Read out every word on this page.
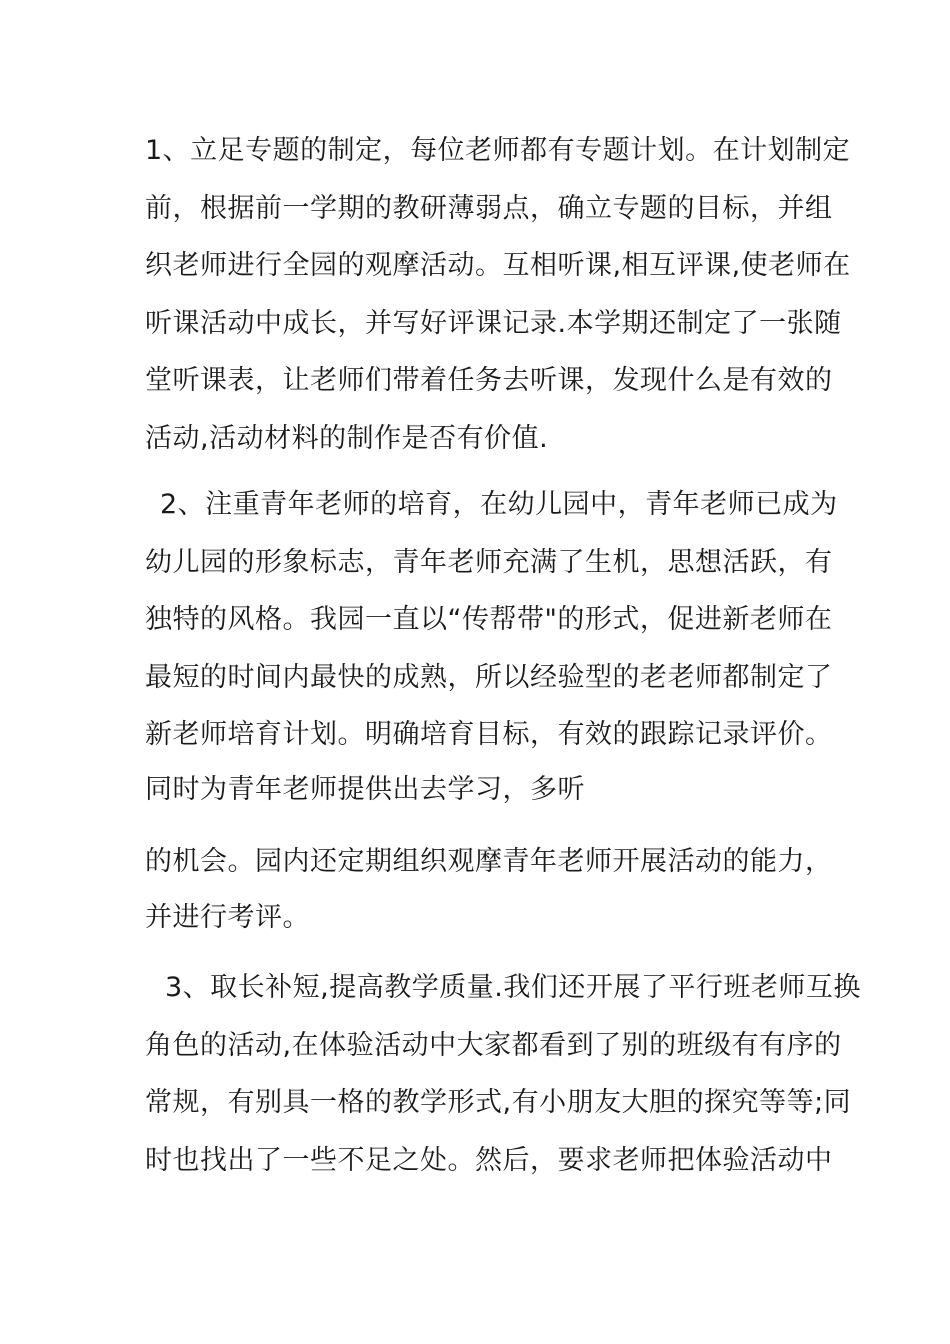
1、立足专题的制定，每位老师都有专题计划。在计划制定
前，根据前一学期的教研薄弱点，确立专题的目标，并组
织老师进行全园的观摩活动。互相听课,相互评课,使老师在
听课活动中成长，并写好评课记录.本学期还制定了一张随
堂听课表，让老师们带着任务去听课，发现什么是有效的
活动,活动材料的制作是否有价值.
2、注重青年老师的培育，在幼儿园中，青年老师已成为
幼儿园的形象标志，青年老师充满了生机，思想活跃，有
独特的风格。我园一直以“传帮带"的形式，促进新老师在
最短的时间内最快的成熟，所以经验型的老老师都制定了
新老师培育计划。明确培育目标，有效的跟踪记录评价。
同时为青年老师提供出去学习，多听
的机会。园内还定期组织观摩青年老师开展活动的能力，
并进行考评。
3、取长补短,提高教学质量.我们还开展了平行班老师互换
角色的活动,在体验活动中大家都看到了别的班级有有序的
常规，有别具一格的教学形式,有小朋友大胆的探究等等;同
时也找出了一些不足之处。然后，要求老师把体验活动中
